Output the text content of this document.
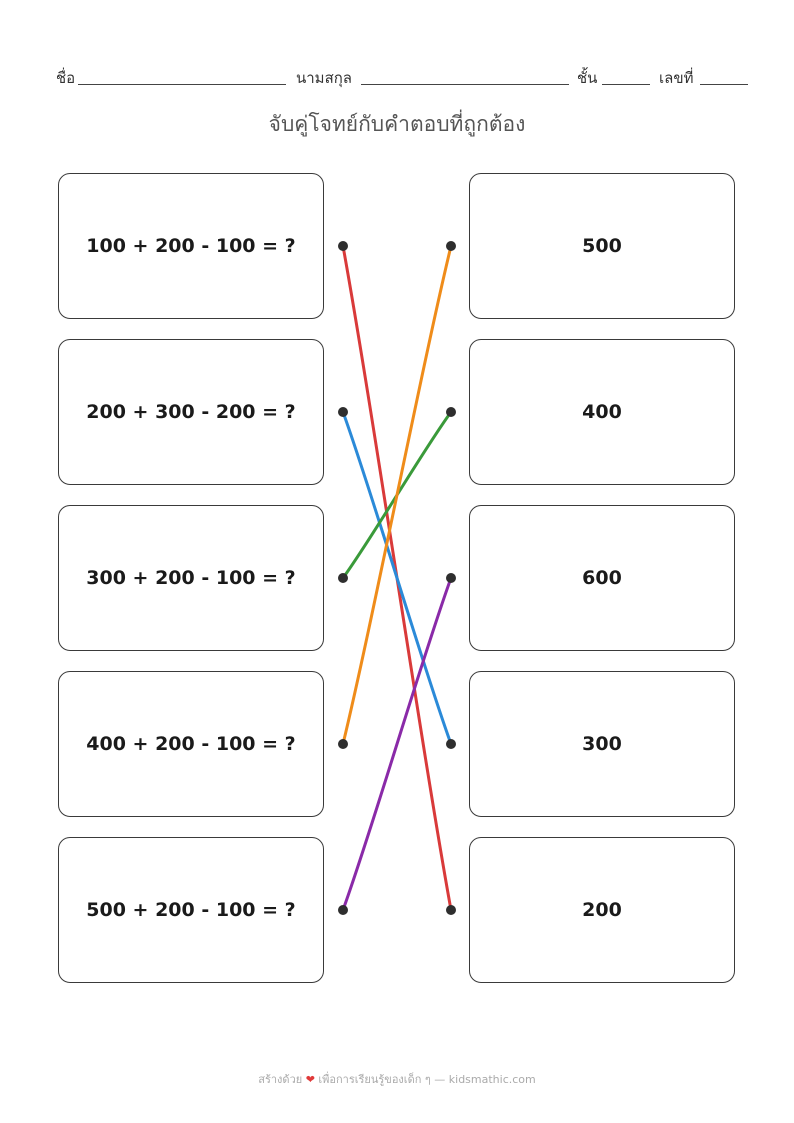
ชื่อ	นามสกุล	ชั้น	เลขที่
จับคู่โจทย์กับคำตอบที่ถูกต้อง
100 + 200 - 100 = ?
200 + 300 - 200 = ?
300 + 200 - 100 = ?
400 + 200 - 100 = ?
500 + 200 - 100 = ?
500
400
600
300
200
สร้างด้วย ❤ เพื่อการเรียนรู้ของเด็ก ๆ — kidsmathic.com
